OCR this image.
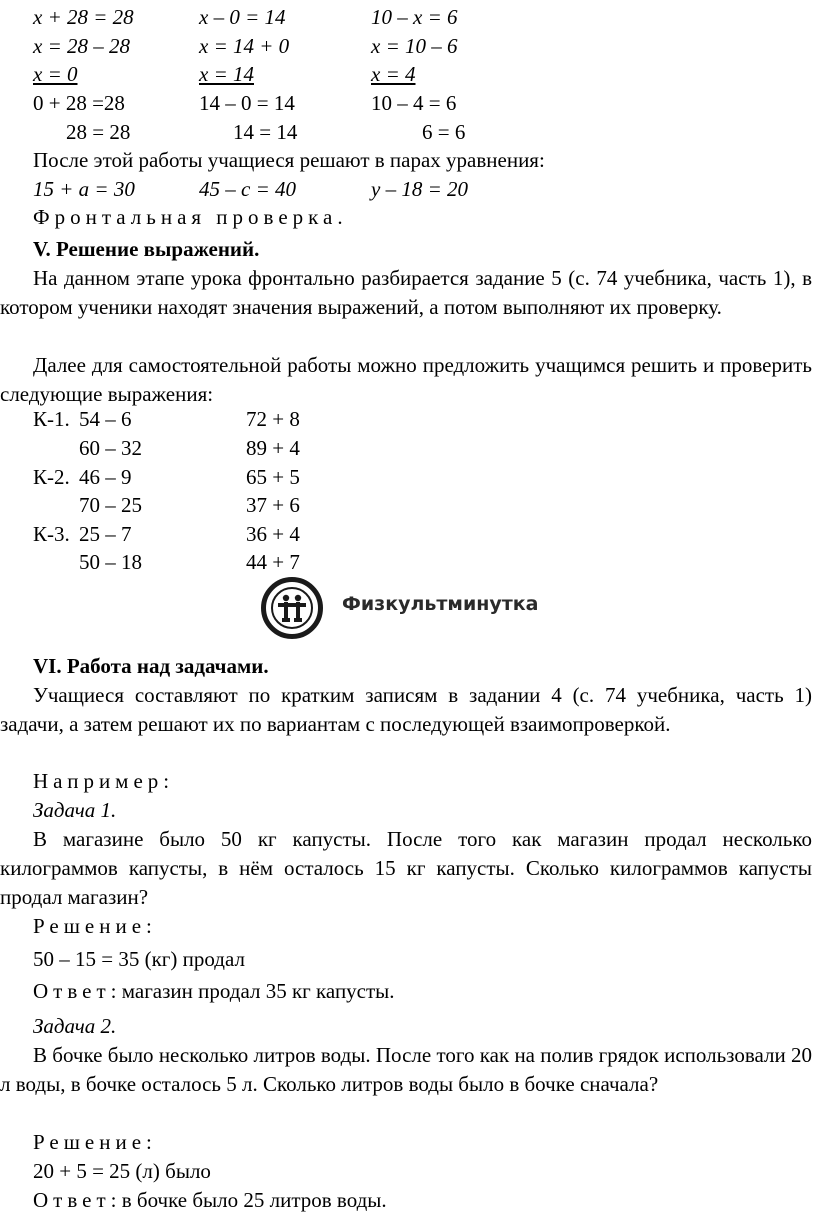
x + 28 = 28	x – 0 = 14	10 – x = 6
x = 28 – 28	x = 14 + 0	x = 10 – 6
x = 0	x = 14	x = 4
0 + 28 =28	14 – 0 = 14	10 – 4 = 6
28 = 28	14 = 14	6 = 6
После этой работы учащиеся решают в парах уравнения:
15 + a = 30	45 – c = 40	y – 18 = 20
Фронтальная проверка.
V. Решение выражений.
На данном этапе урока фронтально разбирается задание 5 (с. 74 учебника, часть 1), в котором ученики находят значения выражений, а потом выполняют их проверку.
Далее для самостоятельной работы можно предложить учащимся решить и проверить следующие выражения:
К-1. 54 – 6	72 + 8
60 – 32	89 + 4
К-2. 46 – 9	65 + 5
70 – 25	37 + 6
К-3. 25 – 7	36 + 4
50 – 18	44 + 7
Физкультминутка
VI. Работа над задачами.
Учащиеся составляют по кратким записям в задании 4 (с. 74 учебника, часть 1) задачи, а затем решают их по вариантам с последующей взаимопроверкой.
Например:
Задача 1.
В магазине было 50 кг капусты. После того как магазин продал несколько килограммов капусты, в нём осталось 15 кг капусты. Сколько килограммов капусты продал магазин?
Решение:
50 – 15 = 35 (кг) продал
Ответ: магазин продал 35 кг капусты.
Задача 2.
В бочке было несколько литров воды. После того как на полив грядок использовали 20 л воды, в бочке осталось 5 л. Сколько литров воды было в бочке сначала?
Решение:
20 + 5 = 25 (л) было
Ответ: в бочке было 25 литров воды.
